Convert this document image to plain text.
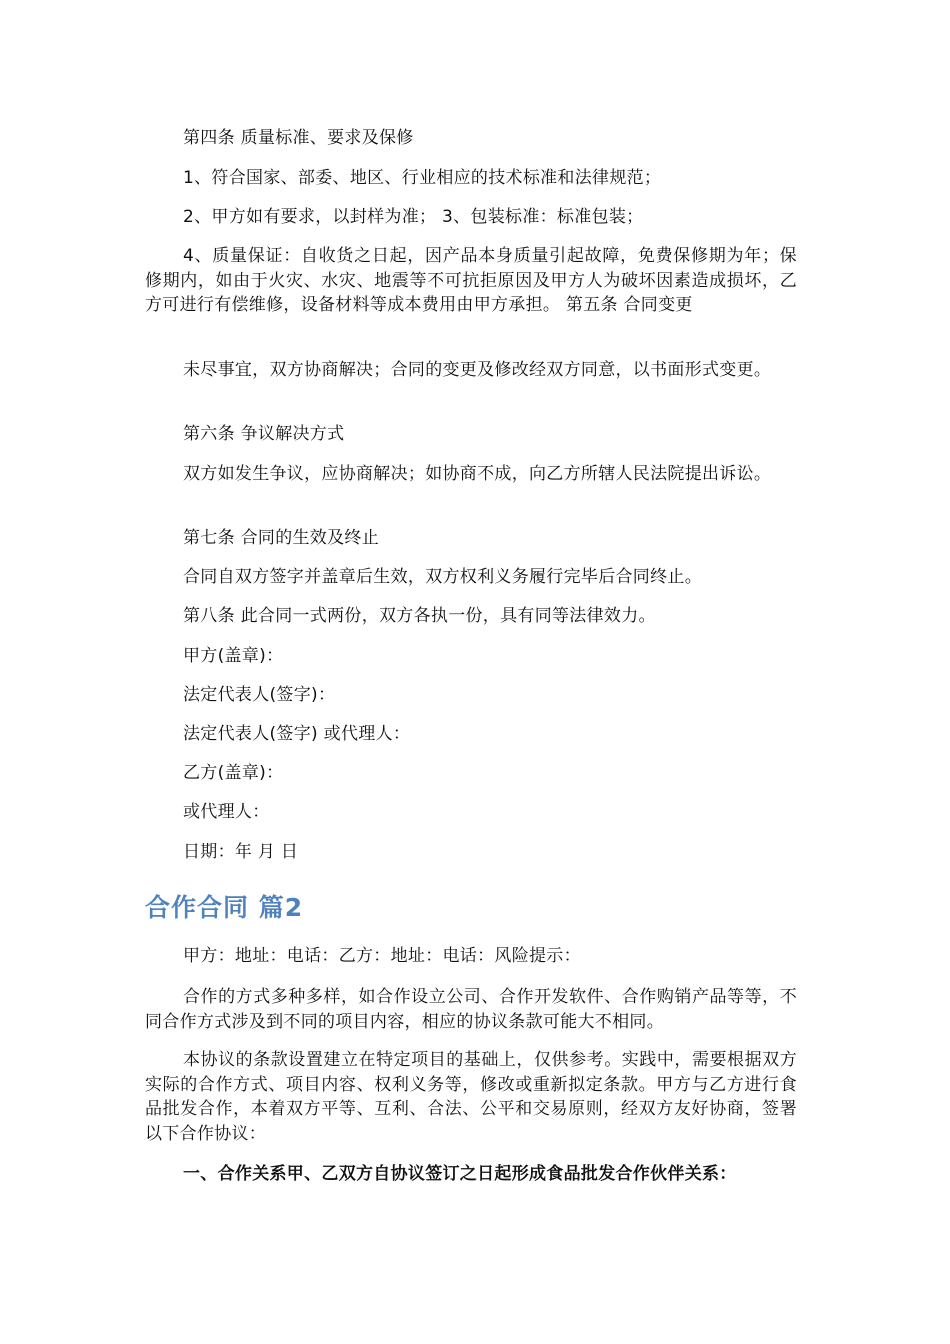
第四条 质量标准、要求及保修

1、符合国家、部委、地区、行业相应的技术标准和法律规范；

2、甲方如有要求，以封样为准； 3、包装标准：标准包装；

4、质量保证：自收货之日起，因产品本身质量引起故障，免费保修期为年；保修期内，如由于火灾、水灾、地震等不可抗拒原因及甲方人为破坏因素造成损坏，乙方可进行有偿维修，设备材料等成本费用由甲方承担。 第五条 合同变更

未尽事宜，双方协商解决；合同的变更及修改经双方同意，以书面形式变更。

第六条 争议解决方式

双方如发生争议，应协商解决；如协商不成，向乙方所辖人民法院提出诉讼。

第七条 合同的生效及终止

合同自双方签字并盖章后生效，双方权利义务履行完毕后合同终止。

第八条 此合同一式两份，双方各执一份，具有同等法律效力。

甲方(盖章)：

法定代表人(签字)：

法定代表人(签字) 或代理人：

乙方(盖章)：

或代理人：

日期：年 月 日

合作合同 篇2

甲方：地址：电话：乙方：地址：电话：风险提示：

合作的方式多种多样，如合作设立公司、合作开发软件、合作购销产品等等，不同合作方式涉及到不同的项目内容，相应的协议条款可能大不相同。

本协议的条款设置建立在特定项目的基础上，仅供参考。实践中，需要根据双方实际的合作方式、项目内容、权利义务等，修改或重新拟定条款。甲方与乙方进行食品批发合作，本着双方平等、互利、合法、公平和交易原则，经双方友好协商，签署以下合作协议：

一、合作关系甲、乙双方自协议签订之日起形成食品批发合作伙伴关系：
